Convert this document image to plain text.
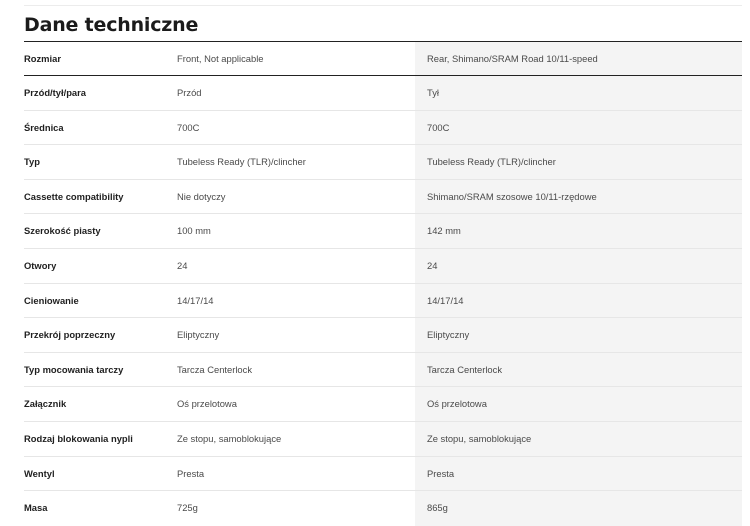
Dane techniczne
Rozmiar	Front, Not applicable	Rear, Shimano/SRAM Road 10/11-speed
Przód/tył/para	Przód	Tył
Średnica	700C	700C
Typ	Tubeless Ready (TLR)/clincher	Tubeless Ready (TLR)/clincher
Cassette compatibility	Nie dotyczy	Shimano/SRAM szosowe 10/11-rzędowe
Szerokość piasty	100 mm	142 mm
Otwory	24	24
Cieniowanie	14/17/14	14/17/14
Przekrój poprzeczny	Eliptyczny	Eliptyczny
Typ mocowania tarczy	Tarcza Centerlock	Tarcza Centerlock
Załącznik	Oś przelotowa	Oś przelotowa
Rodzaj blokowania nypli	Ze stopu, samoblokujące	Ze stopu, samoblokujące
Wentyl	Presta	Presta
Masa	725g	865g
